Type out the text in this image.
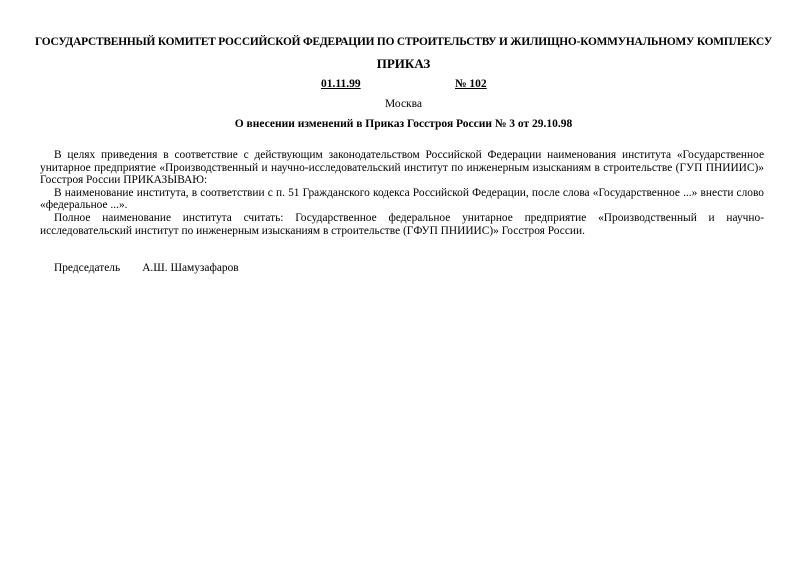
ГОСУДАРСТВЕННЫЙ КОМИТЕТ РОССИЙСКОЙ ФЕДЕРАЦИИ ПО СТРОИТЕЛЬСТВУ И ЖИЛИЩНО-КОММУНАЛЬНОМУ КОМПЛЕКСУ
ПРИКАЗ
01.11.99	№ 102
Москва
О внесении изменений в Приказ Госстроя России № 3 от 29.10.98

В целях приведения в соответствие с действующим законодательством Российской Федерации наименования института «Государственное унитарное предприятие «Производственный и научно-исследовательский институт по инженерным изысканиям в строительстве (ГУП ПНИИИС)» Госстроя России ПРИКАЗЫВАЮ:

В наименование института, в соответствии с п. 51 Гражданского кодекса Российской Федерации, после слова «Государственное ...» внести слово «федеральное ...».

Полное наименование института считать: Государственное федеральное унитарное предприятие «Производственный и научно-исследовательский институт по инженерным изысканиям в строительстве (ГФУП ПНИИИС)» Госстроя России.

Председатель А.Ш. Шамузафаров
